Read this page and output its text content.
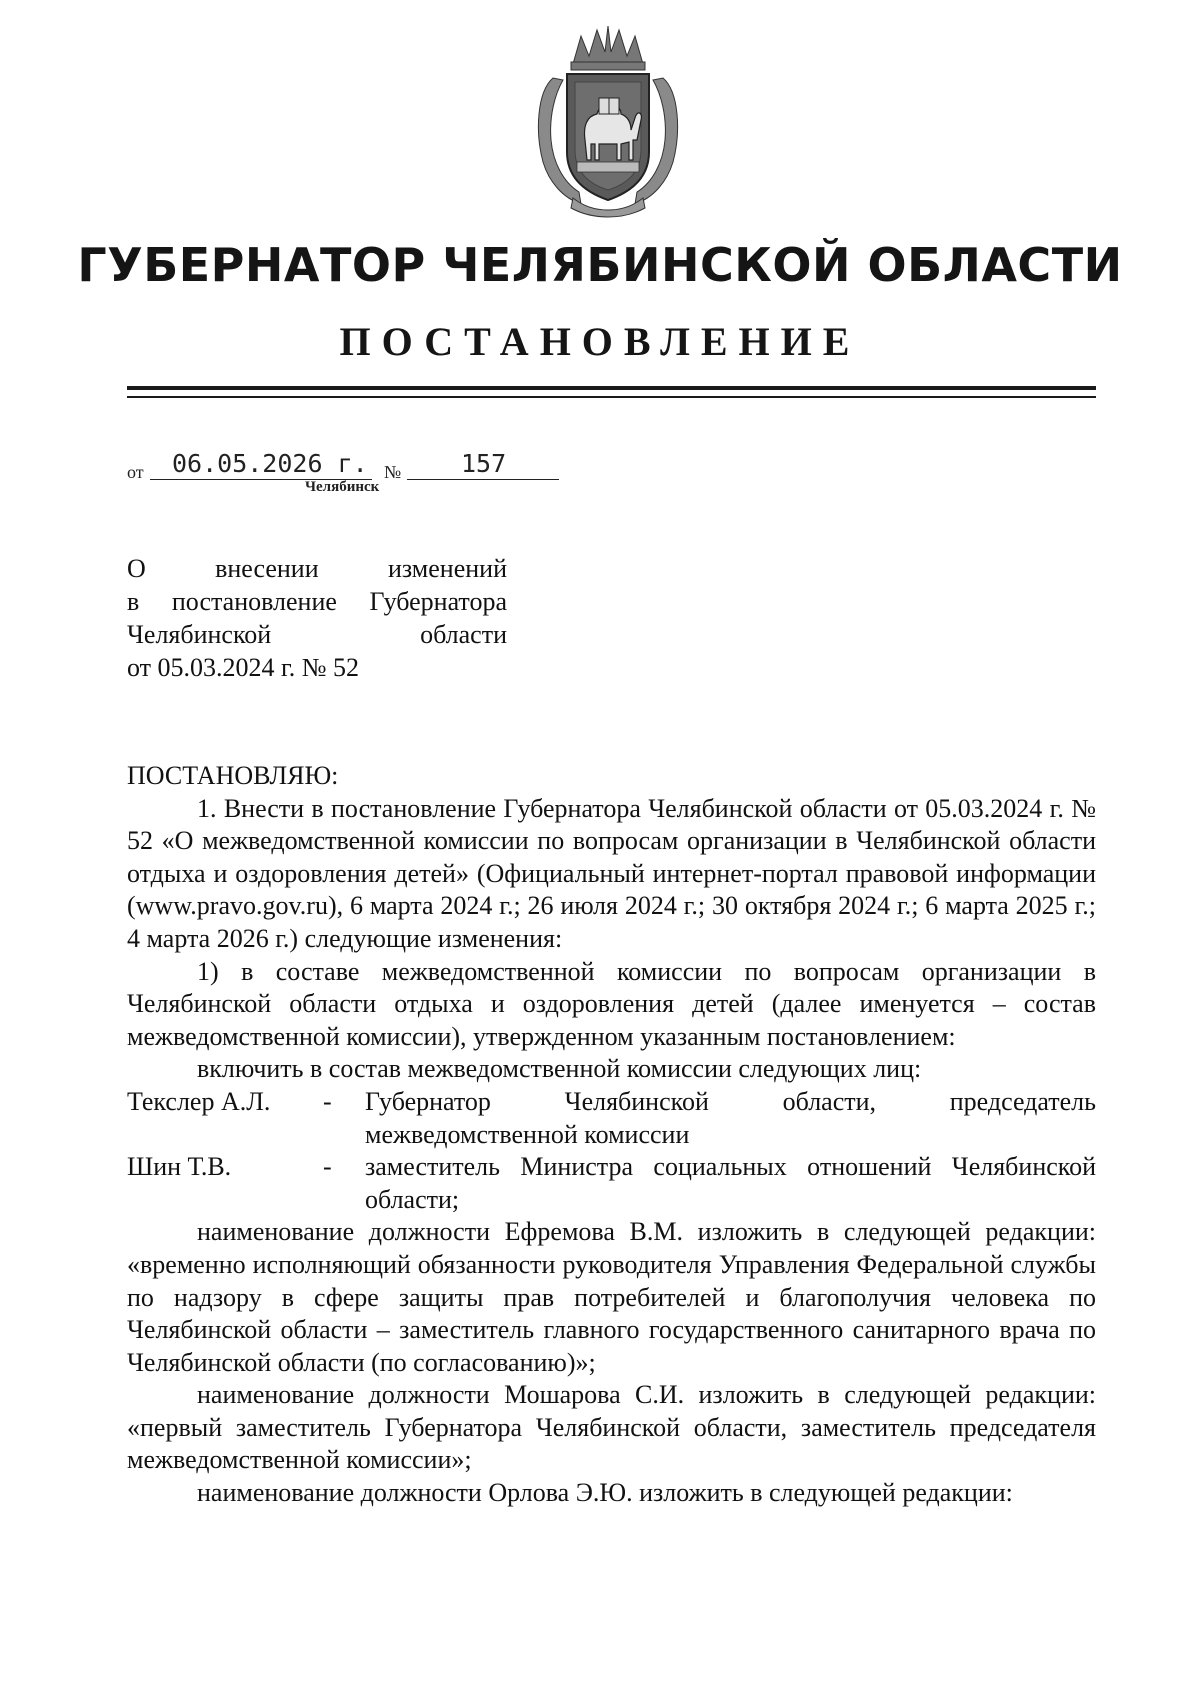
ГУБЕРНАТОР ЧЕЛЯБИНСКОЙ ОБЛАСТИ
ПОСТАНОВЛЕНИЕ
от 06.05.2026 г. № 157
Челябинск
О внесении изменений
в постановление Губернатора
Челябинской области
от 05.03.2024 г. № 52

ПОСТАНОВЛЯЮ:

1. Внести в постановление Губернатора Челябинской области от 05.03.2024 г. № 52 «О межведомственной комиссии по вопросам организации в Челябинской области отдыха и оздоровления детей» (Официальный интернет-портал правовой информации (www.pravo.gov.ru), 6 марта 2024 г.; 26 июля 2024 г.; 30 октября 2024 г.; 6 марта 2025 г.; 4 марта 2026 г.) следующие изменения:

1) в составе межведомственной комиссии по вопросам организации в Челябинской области отдыха и оздоровления детей (далее именуется – состав межведомственной комиссии), утвержденном указанным постановлением:

включить в состав межведомственной комиссии следующих лиц:

Текслер А.Л.	-	Губернатор Челябинской области, председатель межведомственной комиссии
Шин Т.В.	-	заместитель Министра социальных отношений Челябинской области;

наименование должности Ефремова В.М. изложить в следующей редакции: «временно исполняющий обязанности руководителя Управления Федеральной службы по надзору в сфере защиты прав потребителей и благополучия человека по Челябинской области – заместитель главного государственного санитарного врача по Челябинской области (по согласованию)»;

наименование должности Мошарова С.И. изложить в следующей редакции: «первый заместитель Губернатора Челябинской области, заместитель председателя межведомственной комиссии»;

наименование должности Орлова Э.Ю. изложить в следующей редакции:
